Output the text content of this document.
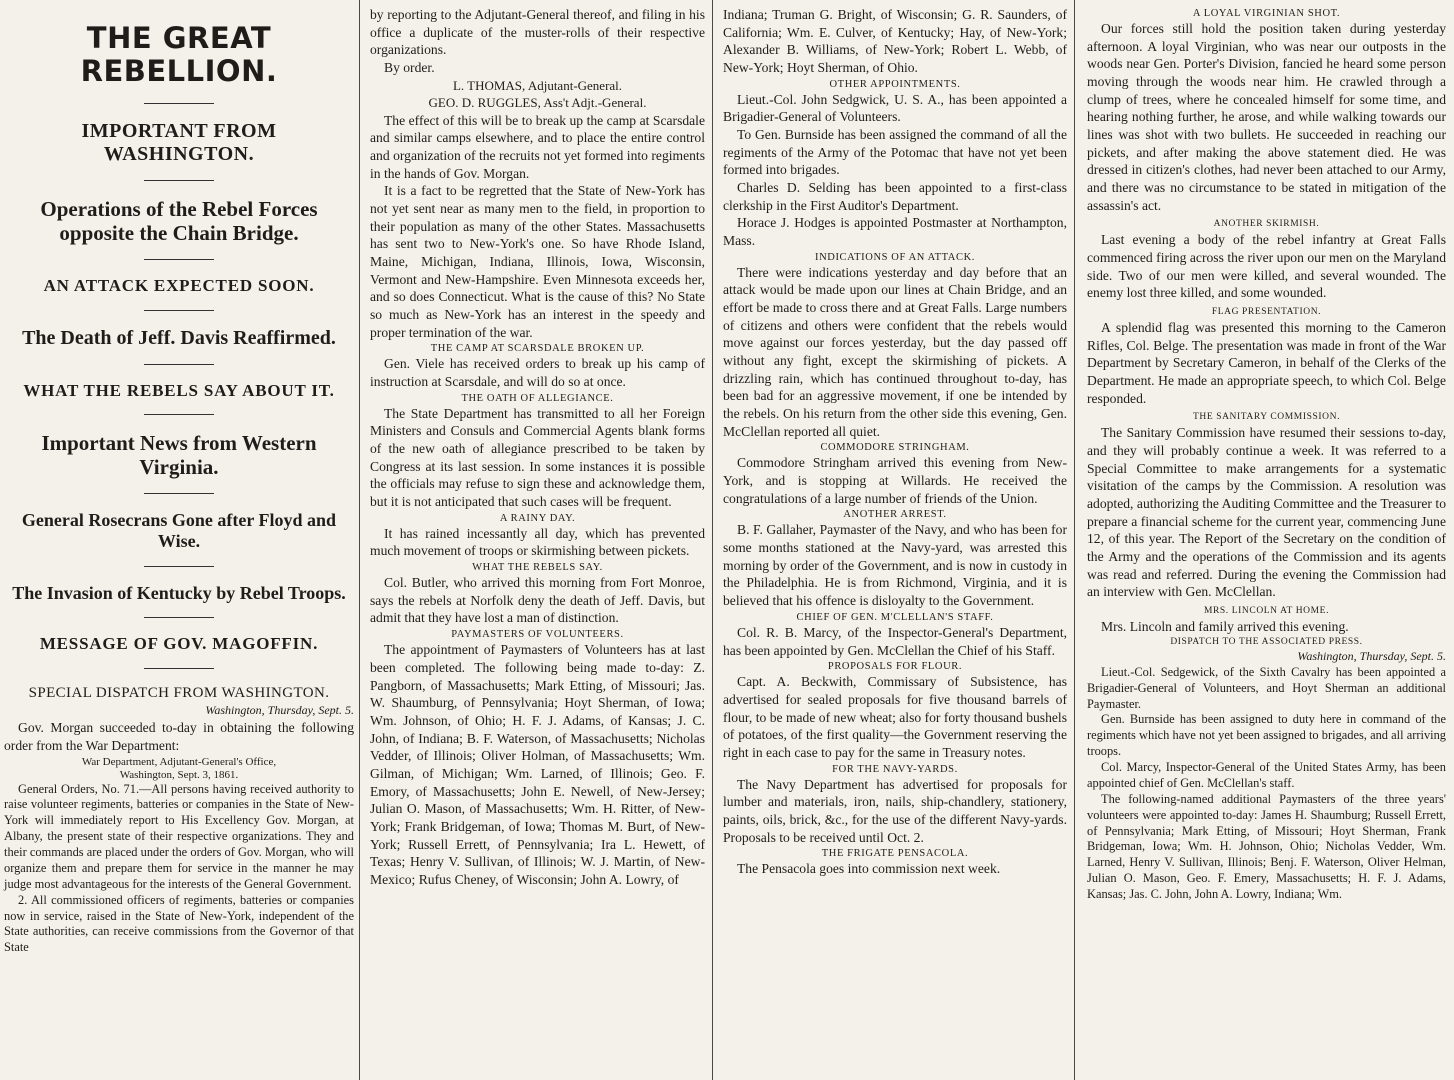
THE GREAT REBELLION.
IMPORTANT FROM WASHINGTON.
Operations of the Rebel Forces opposite the Chain Bridge.
AN ATTACK EXPECTED SOON.
The Death of Jeff. Davis Reaffirmed.
WHAT THE REBELS SAY ABOUT IT.
Important News from Western Virginia.
General Rosecrans Gone after Floyd and Wise.
The Invasion of Kentucky by Rebel Troops.
MESSAGE OF GOV. MAGOFFIN.
SPECIAL DISPATCH FROM WASHINGTON.
Washington, Thursday, Sept. 5.

Gov. Morgan succeeded to-day in obtaining the following order from the War Department:

War Department, Adjutant-General's Office,
Washington, Sept. 3, 1861.

General Orders, No. 71.—All persons having received authority to raise volunteer regiments, batteries or companies in the State of New-York will immediately report to His Excellency Gov. Morgan, at Albany, the present state of their respective organizations. They and their commands are placed under the orders of Gov. Morgan, who will organize them and prepare them for service in the manner he may judge most advantageous for the interests of the General Government.

2. All commissioned officers of regiments, batteries or companies now in service, raised in the State of New-York, independent of the State authorities, can receive commissions from the Governor of that State

by reporting to the Adjutant-General thereof, and filing in his office a duplicate of the muster-rolls of their respective organizations.

By order.

L. THOMAS, Adjutant-General.
GEO. D. RUGGLES, Ass't Adjt.-General.

The effect of this will be to break up the camp at Scarsdale and similar camps elsewhere, and to place the entire control and organization of the recruits not yet formed into regiments in the hands of Gov. Morgan.

It is a fact to be regretted that the State of New-York has not yet sent near as many men to the field, in proportion to their population as many of the other States. Massachusetts has sent two to New-York's one. So have Rhode Island, Maine, Michigan, Indiana, Illinois, Iowa, Wisconsin, Vermont and New-Hampshire. Even Minnesota exceeds her, and so does Connecticut. What is the cause of this? No State so much as New-York has an interest in the speedy and proper termination of the war.

THE CAMP AT SCARSDALE BROKEN UP.

Gen. Viele has received orders to break up his camp of instruction at Scarsdale, and will do so at once.

THE OATH OF ALLEGIANCE.

The State Department has transmitted to all her Foreign Ministers and Consuls and Commercial Agents blank forms of the new oath of allegiance prescribed to be taken by Congress at its last session. In some instances it is possible the officials may refuse to sign these and acknowledge them, but it is not anticipated that such cases will be frequent.

A RAINY DAY.

It has rained incessantly all day, which has prevented much movement of troops or skirmishing between pickets.

WHAT THE REBELS SAY.

Col. Butler, who arrived this morning from Fort Monroe, says the rebels at Norfolk deny the death of Jeff. Davis, but admit that they have lost a man of distinction.

PAYMASTERS OF VOLUNTEERS.

The appointment of Paymasters of Volunteers has at last been completed. The following being made to-day: Z. Pangborn, of Massachusetts; Mark Etting, of Missouri; Jas. W. Shaumburg, of Pennsylvania; Hoyt Sherman, of Iowa; Wm. Johnson, of Ohio; H. F. J. Adams, of Kansas; J. C. John, of Indiana; B. F. Waterson, of Massachusetts; Nicholas Vedder, of Illinois; Oliver Holman, of Massachusetts; Wm. Gilman, of Michigan; Wm. Larned, of Illinois; Geo. F. Emory, of Massachusetts; John E. Newell, of New-Jersey; Julian O. Mason, of Massachusetts; Wm. H. Ritter, of New-York; Frank Bridgeman, of Iowa; Thomas M. Burt, of New-York; Russell Errett, of Pennsylvania; Ira L. Hewett, of Texas; Henry V. Sullivan, of Illinois; W. J. Martin, of New-Mexico; Rufus Cheney, of Wisconsin; John A. Lowry, of

Indiana; Truman G. Bright, of Wisconsin; G. R. Saunders, of California; Wm. E. Culver, of Kentucky; Hay, of New-York; Alexander B. Williams, of New-York; Robert L. Webb, of New-York; Hoyt Sherman, of Ohio.

OTHER APPOINTMENTS.

Lieut.-Col. John Sedgwick, U. S. A., has been appointed a Brigadier-General of Volunteers.

To Gen. Burnside has been assigned the command of all the regiments of the Army of the Potomac that have not yet been formed into brigades.

Charles D. Selding has been appointed to a first-class clerkship in the First Auditor's Department.

Horace J. Hodges is appointed Postmaster at Northampton, Mass.

INDICATIONS OF AN ATTACK.

There were indications yesterday and day before that an attack would be made upon our lines at Chain Bridge, and an effort be made to cross there and at Great Falls. Large numbers of citizens and others were confident that the rebels would move against our forces yesterday, but the day passed off without any fight, except the skirmishing of pickets. A drizzling rain, which has continued throughout to-day, has been bad for an aggressive movement, if one be intended by the rebels. On his return from the other side this evening, Gen. McClellan reported all quiet.

COMMODORE STRINGHAM.

Commodore Stringham arrived this evening from New-York, and is stopping at Willards. He received the congratulations of a large number of friends of the Union.

ANOTHER ARREST.

B. F. Gallaher, Paymaster of the Navy, and who has been for some months stationed at the Navy-yard, was arrested this morning by order of the Government, and is now in custody in the Philadelphia. He is from Richmond, Virginia, and it is believed that his offence is disloyalty to the Government.

CHIEF OF GEN. M'CLELLAN'S STAFF.

Col. R. B. Marcy, of the Inspector-General's Department, has been appointed by Gen. McClellan the Chief of his Staff.

PROPOSALS FOR FLOUR.

Capt. A. Beckwith, Commissary of Subsistence, has advertised for sealed proposals for five thousand barrels of flour, to be made of new wheat; also for forty thousand bushels of potatoes, of the first quality—the Government reserving the right in each case to pay for the same in Treasury notes.

FOR THE NAVY-YARDS.

The Navy Department has advertised for proposals for lumber and materials, iron, nails, ship-chandlery, stationery, paints, oils, brick, &c., for the use of the different Navy-yards. Proposals to be received until Oct. 2.

THE FRIGATE PENSACOLA.

The Pensacola goes into commission next week.

A LOYAL VIRGINIAN SHOT.

Our forces still hold the position taken during yesterday afternoon. A loyal Virginian, who was near our outposts in the woods near Gen. Porter's Division, fancied he heard some person moving through the woods near him. He crawled through a clump of trees, where he concealed himself for some time, and hearing nothing further, he arose, and while walking towards our lines was shot with two bullets. He succeeded in reaching our pickets, and after making the above statement died. He was dressed in citizen's clothes, had never been attached to our Army, and there was no circumstance to be stated in mitigation of the assassin's act.

ANOTHER SKIRMISH.

Last evening a body of the rebel infantry at Great Falls commenced firing across the river upon our men on the Maryland side. Two of our men were killed, and several wounded. The enemy lost three killed, and some wounded.

FLAG PRESENTATION.

A splendid flag was presented this morning to the Cameron Rifles, Col. Belge. The presentation was made in front of the War Department by Secretary Cameron, in behalf of the Clerks of the Department. He made an appropriate speech, to which Col. Belge responded.

THE SANITARY COMMISSION.

The Sanitary Commission have resumed their sessions to-day, and they will probably continue a week. It was referred to a Special Committee to make arrangements for a systematic visitation of the camps by the Commission. A resolution was adopted, authorizing the Auditing Committee and the Treasurer to prepare a financial scheme for the current year, commencing June 12, of this year. The Report of the Secretary on the condition of the Army and the operations of the Commission and its agents was read and referred. During the evening the Commission had an interview with Gen. McClellan.

MRS. LINCOLN AT HOME.

Mrs. Lincoln and family arrived this evening.

DISPATCH TO THE ASSOCIATED PRESS.
Washington, Thursday, Sept. 5.

Lieut.-Col. Sedgewick, of the Sixth Cavalry has been appointed a Brigadier-General of Volunteers, and Hoyt Sherman an additional Paymaster.

Gen. Burnside has been assigned to duty here in command of the regiments which have not yet been assigned to brigades, and all arriving troops.

Col. Marcy, Inspector-General of the United States Army, has been appointed chief of Gen. McClellan's staff.

The following-named additional Paymasters of the three years' volunteers were appointed to-day: James H. Shaumburg; Russell Errett, of Pennsylvania; Mark Etting, of Missouri; Hoyt Sherman, Frank Bridgeman, Iowa; Wm. H. Johnson, Ohio; Nicholas Vedder, Wm. Larned, Henry V. Sullivan, Illinois; Benj. F. Waterson, Oliver Helman, Julian O. Mason, Geo. F. Emery, Massachusetts; H. F. J. Adams, Kansas; Jas. C. John, John A. Lowry, Indiana; Wm.
